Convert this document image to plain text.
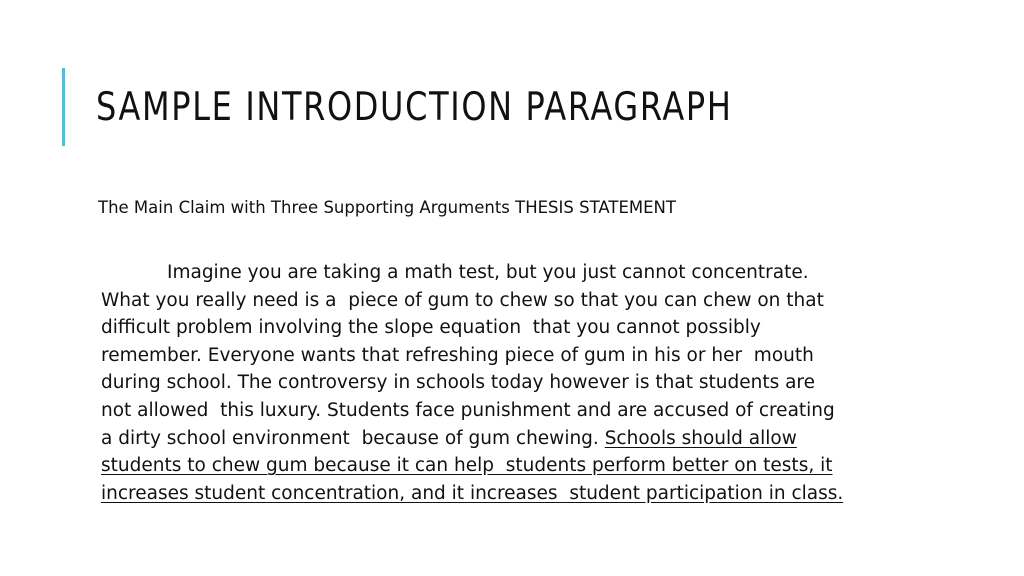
SAMPLE INTRODUCTION PARAGRAPH

The Main Claim with Three Supporting Arguments THESIS STATEMENT

Imagine you are taking a math test, but you just cannot concentrate.
What you really need is a  piece of gum to chew so that you can chew on that
difficult problem involving the slope equation  that you cannot possibly
remember. Everyone wants that refreshing piece of gum in his or her  mouth
during school. The controversy in schools today however is that students are
not allowed  this luxury. Students face punishment and are accused of creating
a dirty school environment  because of gum chewing. Schools should allow
students to chew gum because it can help  students perform better on tests, it
increases student concentration, and it increases  student participation in class.
